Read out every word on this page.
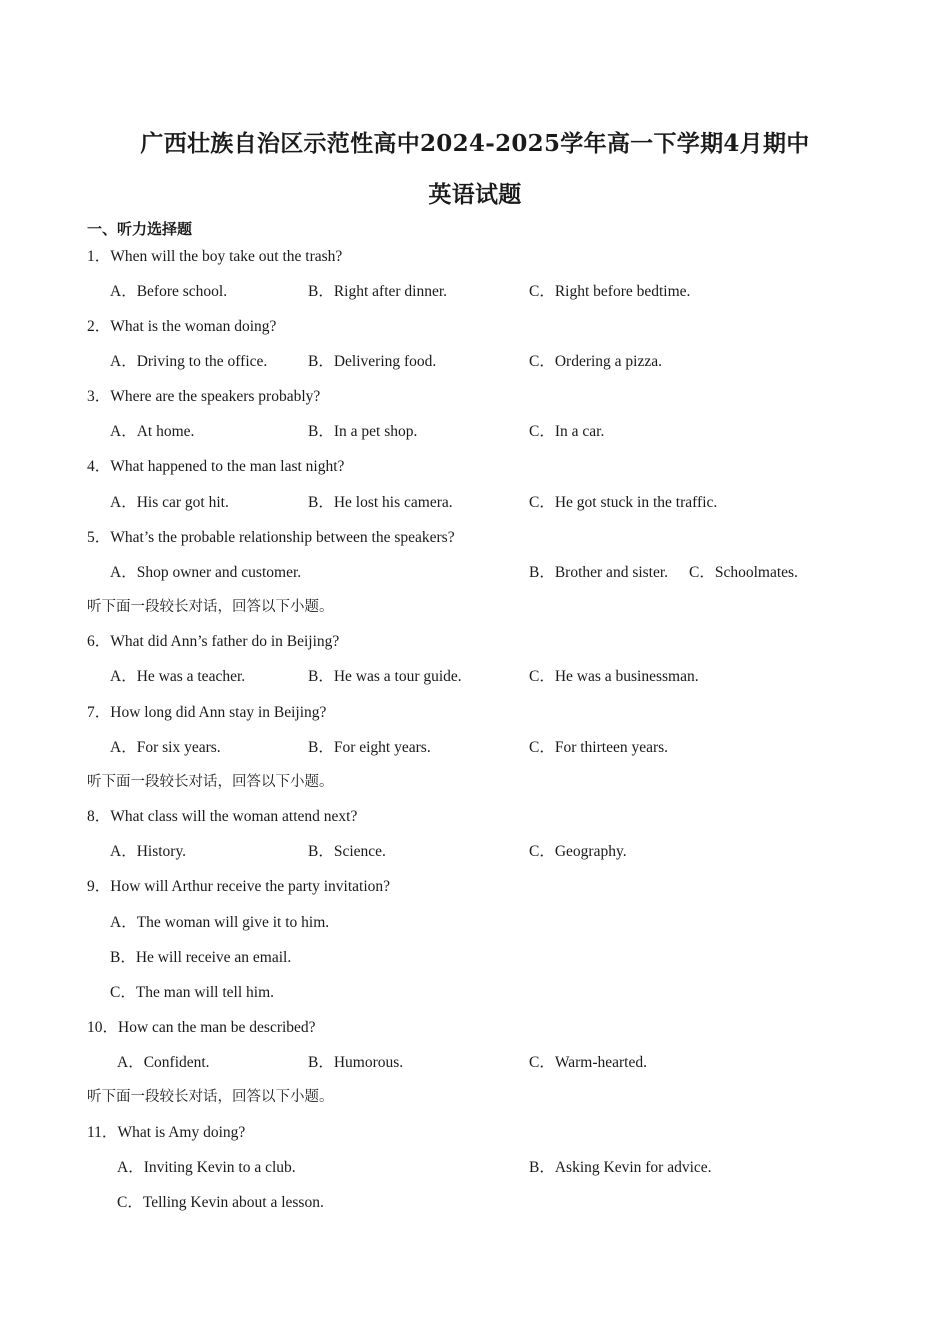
广西壮族自治区示范性高中2024-2025学年高一下学期4月期中
英语试题
一、听力选择题
1．When will the boy take out the trash?
A．Before school.	B．Right after dinner.	C．Right before bedtime.
2．What is the woman doing?
A．Driving to the office.	B．Delivering food.	C．Ordering a pizza.
3．Where are the speakers probably?
A．At home.	B．In a pet shop.	C．In a car.
4．What happened to the man last night?
A．His car got hit.	B．He lost his camera.	C．He got stuck in the traffic.
5．What’s the probable relationship between the speakers?
A．Shop owner and customer.	B．Brother and sister. C．Schoolmates.
听下面一段较长对话，回答以下小题。
6．What did Ann’s father do in Beijing?
A．He was a teacher.	B．He was a tour guide.	C．He was a businessman.
7．How long did Ann stay in Beijing?
A．For six years.	B．For eight years.	C．For thirteen years.
听下面一段较长对话，回答以下小题。
8．What class will the woman attend next?
A．History.	B．Science.	C．Geography.
9．How will Arthur receive the party invitation?
A．The woman will give it to him.
B．He will receive an email.
C．The man will tell him.
10．How can the man be described?
A．Confident.	B．Humorous.	C．Warm-hearted.
听下面一段较长对话，回答以下小题。
11．What is Amy doing?
A．Inviting Kevin to a club.	B．Asking Kevin for advice.
C．Telling Kevin about a lesson.
